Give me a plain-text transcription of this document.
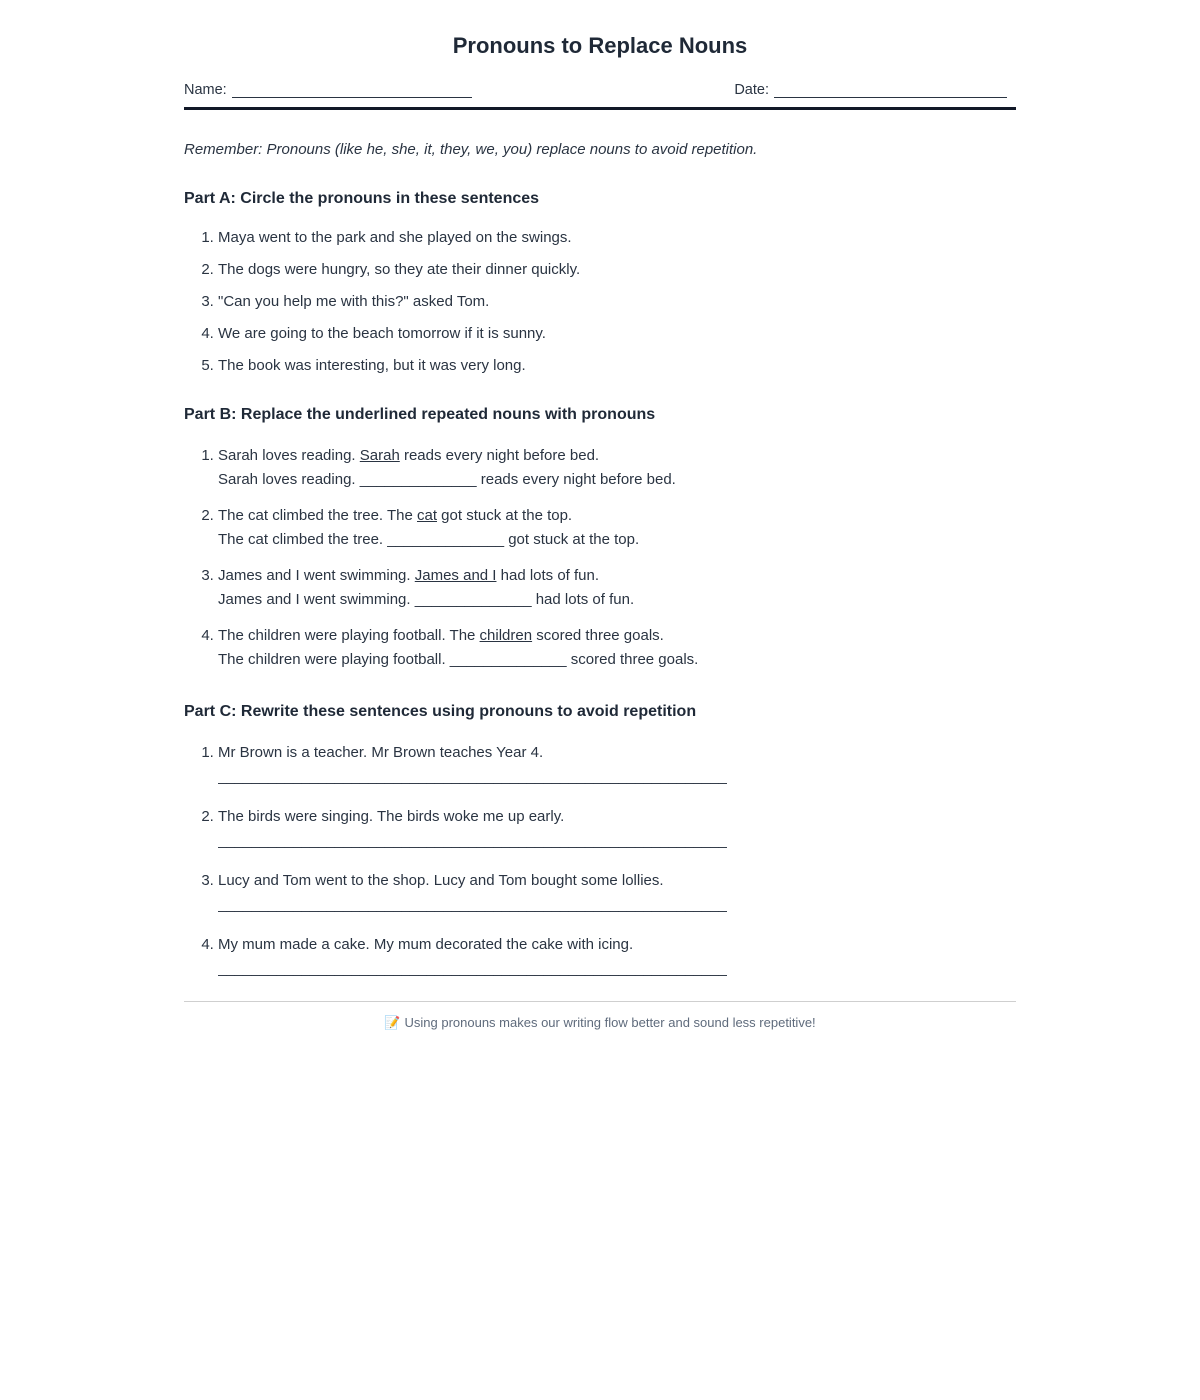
Pronouns to Replace Nouns
Name:	Date:

Remember: Pronouns (like he, she, it, they, we, you) replace nouns to avoid repetition.

Part A: Circle the pronouns in these sentences
1. Maya went to the park and she played on the swings.
2. The dogs were hungry, so they ate their dinner quickly.
3. "Can you help me with this?" asked Tom.
4. We are going to the beach tomorrow if it is sunny.
5. The book was interesting, but it was very long.
Part B: Replace the underlined repeated nouns with pronouns
1. Sarah loves reading. Sarah reads every night before bed.
Sarah loves reading. ______________ reads every night before bed.
2. The cat climbed the tree. The cat got stuck at the top.
The cat climbed the tree. ______________ got stuck at the top.
3. James and I went swimming. James and I had lots of fun.
James and I went swimming. ______________ had lots of fun.
4. The children were playing football. The children scored three goals.
The children were playing football. ______________ scored three goals.
Part C: Rewrite these sentences using pronouns to avoid repetition
1. Mr Brown is a teacher. Mr Brown teaches Year 4.
_____________________________________________________________
2. The birds were singing. The birds woke me up early.
_____________________________________________________________
3. Lucy and Tom went to the shop. Lucy and Tom bought some lollies.
_____________________________________________________________
4. My mum made a cake. My mum decorated the cake with icing.
_____________________________________________________________

📝 Using pronouns makes our writing flow better and sound less repetitive!
